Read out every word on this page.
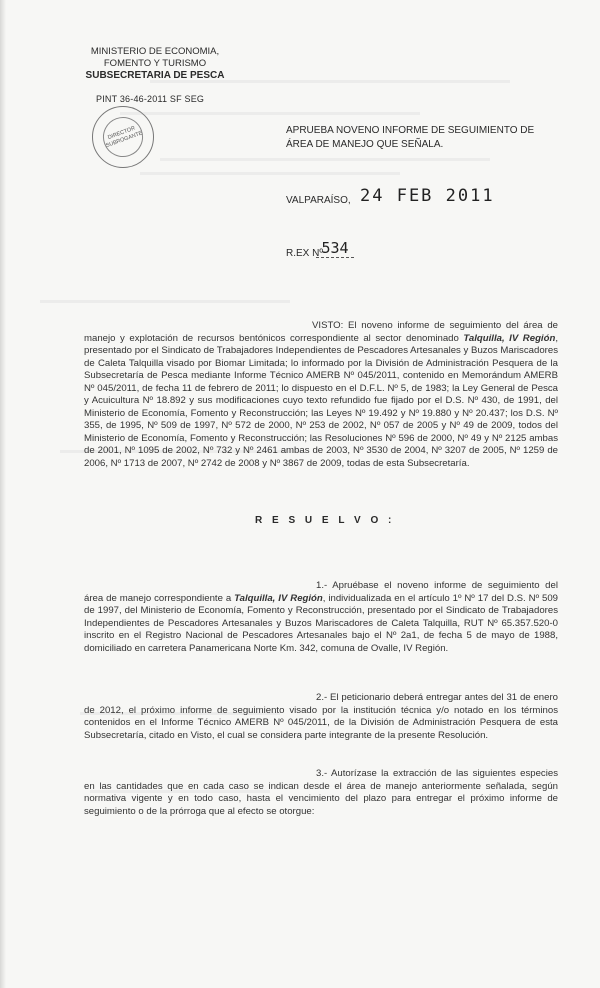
MINISTERIO DE ECONOMIA,
FOMENTO Y TURISMO
SUBSECRETARIA DE PESCA
PINT 36-46-2011 SF SEG
DIRECTOR SUBROGANTE	APRUEBA NOVENO INFORME DE SEGUIMIENTO DE ÁREA DE MANEJO QUE SEÑALA.
VALPARAÍSO, 24 FEB 2011
R.EX Nº
534
VISTO: El noveno informe de seguimiento del área de manejo y explotación de recursos bentónicos correspondiente al sector denominado Talquilla, IV Región, presentado por el Sindicato de Trabajadores Independientes de Pescadores Artesanales y Buzos Mariscadores de Caleta Talquilla visado por Biomar Limitada; lo informado por la División de Administración Pesquera de la Subsecretaría de Pesca mediante Informe Técnico AMERB Nº 045/2011, contenido en Memorándum AMERB Nº 045/2011, de fecha 11 de febrero de 2011; lo dispuesto en el D.F.L. Nº 5, de 1983; la Ley General de Pesca y Acuicultura Nº 18.892 y sus modificaciones cuyo texto refundido fue fijado por el D.S. Nº 430, de 1991, del Ministerio de Economía, Fomento y Reconstrucción; las Leyes Nº 19.492 y Nº 19.880 y Nº 20.437; los D.S. Nº 355, de 1995, Nº 509 de 1997, Nº 572 de 2000, Nº 253 de 2002, Nº 057 de 2005 y Nº 49 de 2009, todos del Ministerio de Economía, Fomento y Reconstrucción; las Resoluciones Nº 596 de 2000, Nº 49 y Nº 2125 ambas de 2001, Nº 1095 de 2002, Nº 732 y Nº 2461 ambas de 2003, Nº 3530 de 2004, Nº 3207 de 2005, Nº 1259 de 2006, Nº 1713 de 2007, Nº 2742 de 2008 y Nº 3867 de 2009, todas de esta Subsecretaría.
R E S U E L V O :
1.- Apruébase el noveno informe de seguimiento del área de manejo correspondiente a Talquilla, IV Región, individualizada en el artículo 1º Nº 17 del D.S. Nº 509 de 1997, del Ministerio de Economía, Fomento y Reconstrucción, presentado por el Sindicato de Trabajadores Independientes de Pescadores Artesanales y Buzos Mariscadores de Caleta Talquilla, RUT Nº 65.357.520-0 inscrito en el Registro Nacional de Pescadores Artesanales bajo el Nº 2a1, de fecha 5 de mayo de 1988, domiciliado en carretera Panamericana Norte Km. 342, comuna de Ovalle, IV Región.
2.- El peticionario deberá entregar antes del 31 de enero de 2012, el próximo informe de seguimiento visado por la institución técnica y/o notado en los términos contenidos en el Informe Técnico AMERB Nº 045/2011, de la División de Administración Pesquera de esta Subsecretaría, citado en Visto, el cual se considera parte integrante de la presente Resolución.
3.- Autorízase la extracción de las siguientes especies en las cantidades que en cada caso se indican desde el área de manejo anteriormente señalada, según normativa vigente y en todo caso, hasta el vencimiento del plazo para entregar el próximo informe de seguimiento o de la prórroga que al efecto se otorgue:
